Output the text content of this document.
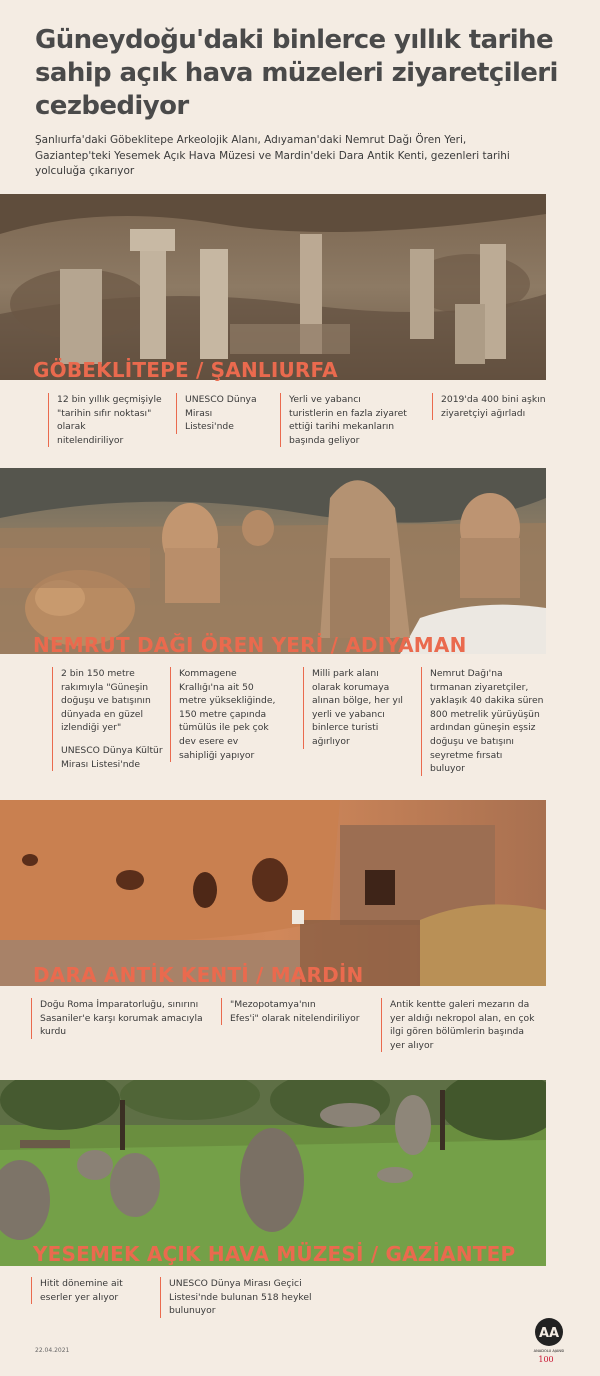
Güneydoğu'daki binlerce yıllık tarihe
sahip açık hava müzeleri ziyaretçileri
cezbediyor
Şanlıurfa'daki Göbeklitepe Arkeolojik Alanı, Adıyaman'daki Nemrut Dağı Ören Yeri,
Gaziantep'teki Yesemek Açık Hava Müzesi ve Mardin'deki Dara Antik Kenti, gezenleri tarihi
yolculuğa çıkarıyor
GÖBEKLİTEPE / ŞANLIURFA

12 bin yıllık geçmişiyle
"tarihin sıfır noktası" olarak
nitelendiriliyor

UNESCO Dünya Mirası
Listesi'nde

Yerli ve yabancı
turistlerin en fazla ziyaret
ettiği tarihi mekanların
başında geliyor

2019'da 400 bini aşkın
ziyaretçiyi ağırladı

NEMRUT DAĞI ÖREN YERİ / ADIYAMAN

2 bin 150 metre
rakımıyla "Güneşin
doğuşu ve batışının
dünyada en güzel
izlendiği yer"

UNESCO Dünya Kültür
Mirası Listesi'nde

Kommagene
Krallığı'na ait 50
metre yüksekliğinde,
150 metre çapında
tümülüs ile pek çok
dev esere ev
sahipliği yapıyor

Milli park alanı
olarak korumaya
alınan bölge, her yıl
yerli ve yabancı
binlerce turisti
ağırlıyor

Nemrut Dağı'na
tırmanan ziyaretçiler,
yaklaşık 40 dakika süren
800 metrelik yürüyüşün
ardından güneşin eşsiz
doğuşu ve batışını
seyretme fırsatı
buluyor

DARA ANTİK KENTİ / MARDİN

Doğu Roma İmparatorluğu, sınırını
Sasaniler'e karşı korumak amacıyla
kurdu

"Mezopotamya'nın
Efes'i" olarak nitelendiriliyor

Antik kentte galeri mezarın da
yer aldığı nekropol alan, en çok
ilgi gören bölümlerin başında
yer alıyor

YESEMEK AÇIK HAVA MÜZESİ / GAZİANTEP

Hitit dönemine ait
eserler yer alıyor

UNESCO Dünya Mirası Geçici
Listesi'nde bulunan 518 heykel
bulunuyor

22.04.2021
AA
ANADOLU AJANSI
100
